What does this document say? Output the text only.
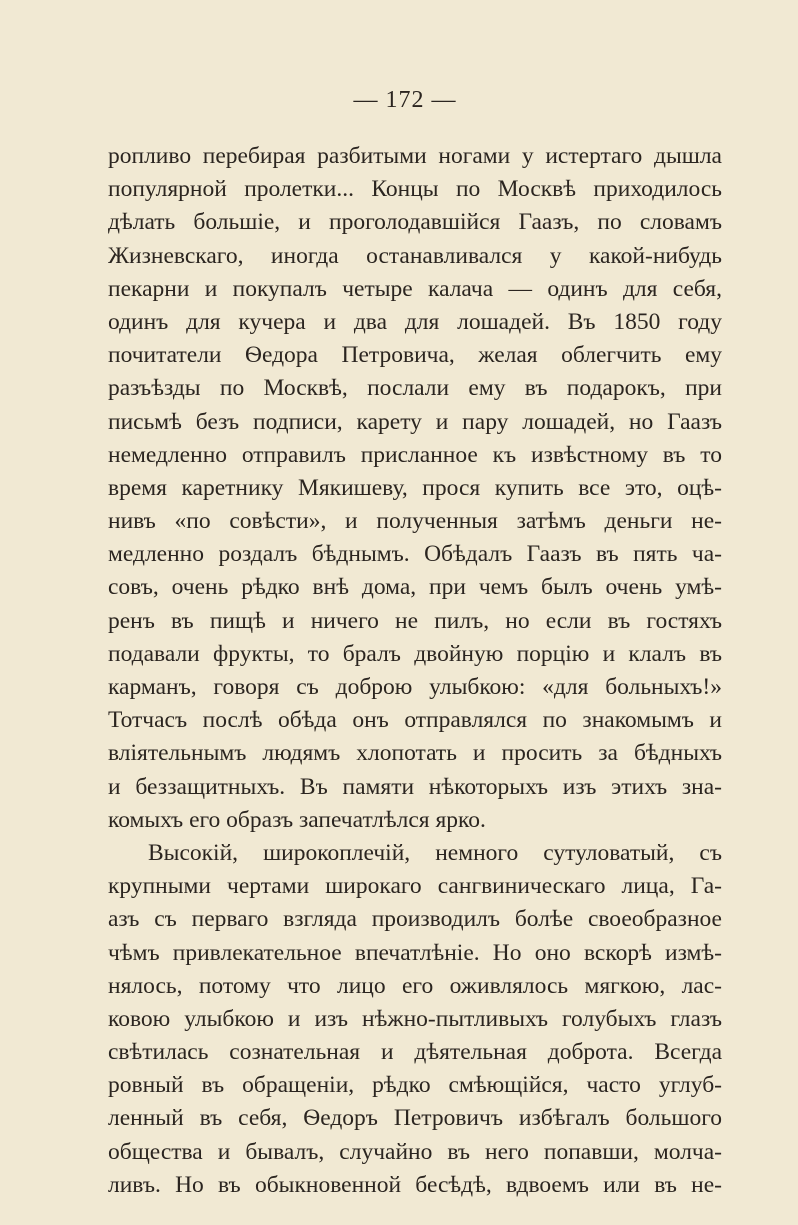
— 172 —
ропливо перебирая разбитыми ногами у истертаго дышла
популярной пролетки... Концы по Москвѣ приходилось
дѣлать большіе, и проголодавшійся Гаазъ, по словамъ
Жизневскаго, иногда останавливался у какой-нибудь
пекарни и покупалъ четыре калача — одинъ для себя,
одинъ для кучера и два для лошадей. Въ 1850 году
почитатели Ѳедора Петровича, желая облегчить ему
разъѣзды по Москвѣ, послали ему въ подарокъ, при
письмѣ безъ подписи, карету и пару лошадей, но Гаазъ
немедленно отправилъ присланное къ извѣстному въ то
время каретнику Мякишеву, прося купить все это, оцѣ-
нивъ «по совѣсти», и полученныя затѣмъ деньги не-
медленно роздалъ бѣднымъ. Обѣдалъ Гаазъ въ пять ча-
совъ, очень рѣдко внѣ дома, при чемъ былъ очень умѣ-
ренъ въ пищѣ и ничего не пилъ, но если въ гостяхъ
подавали фрукты, то бралъ двойную порцію и клалъ въ
карманъ, говоря съ доброю улыбкою: «для больныхъ!»
Тотчасъ послѣ обѣда онъ отправлялся по знакомымъ и
вліятельнымъ людямъ хлопотать и просить за бѣдныхъ
и беззащитныхъ. Въ памяти нѣкоторыхъ изъ этихъ зна-
комыхъ его образъ запечатлѣлся ярко.
Высокій, широкоплечій, немного сутуловатый, съ
крупными чертами широкаго сангвиническаго лица, Га-
азъ съ перваго взгляда производилъ болѣе своеобразное
чѣмъ привлекательное впечатлѣніе. Но оно вскорѣ измѣ-
нялось, потому что лицо его оживлялось мягкою, лас-
ковою улыбкою и изъ нѣжно-пытливыхъ голубыхъ глазъ
свѣтилась сознательная и дѣятельная доброта. Всегда
ровный въ обращеніи, рѣдко смѣющійся, часто углуб-
ленный въ себя, Ѳедоръ Петровичъ избѣгалъ большого
общества и бывалъ, случайно въ него попавши, молча-
ливъ. Но въ обыкновенной бесѣдѣ, вдвоемъ или въ не-
